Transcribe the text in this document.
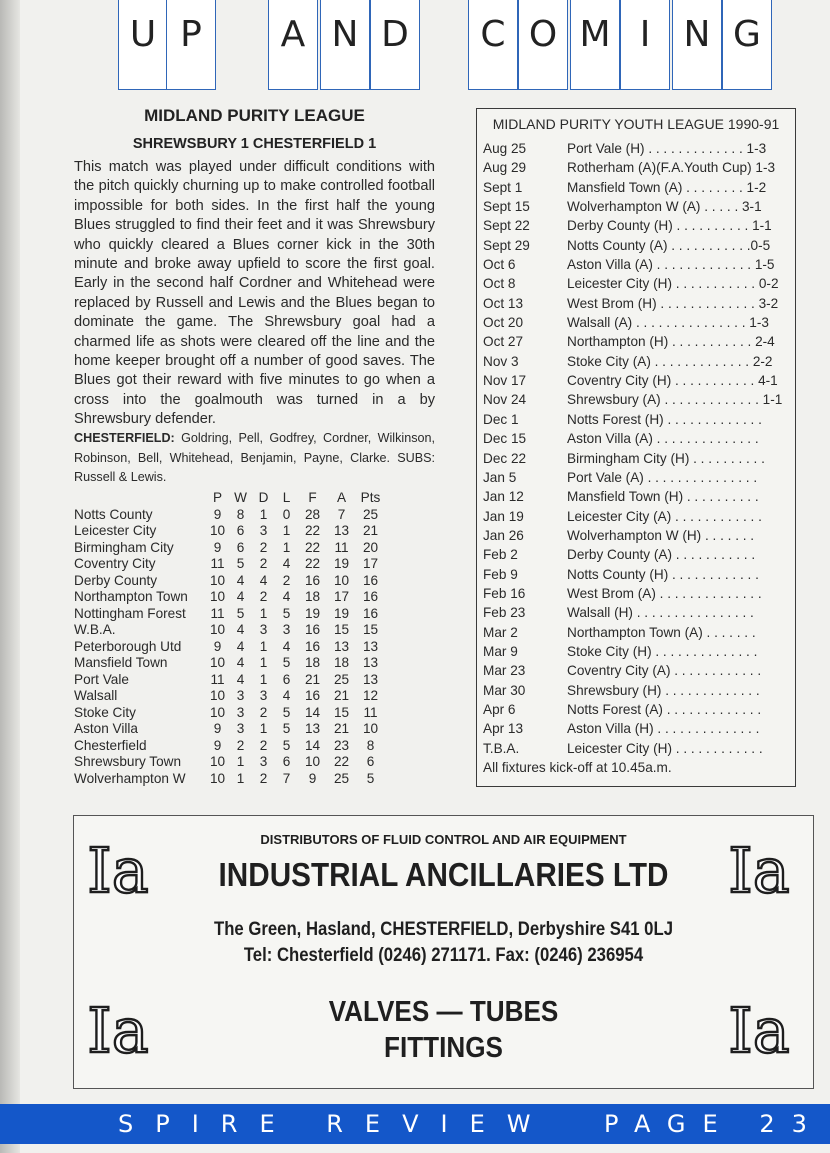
U P	A N D	C O M I N G
MIDLAND PURITY LEAGUE
SHREWSBURY 1 CHESTERFIELD 1

This match was played under difficult conditions with the pitch quickly churning up to make controlled football impossible for both sides. In the first half the young Blues struggled to find their feet and it was Shrewsbury who quickly cleared a Blues corner kick in the 30th minute and broke away upfield to score the first goal. Early in the second half Cordner and Whitehead were replaced by Russell and Lewis and the Blues began to dominate the game. The Shrewsbury goal had a charmed life as shots were cleared off the line and the home keeper brought off a number of good saves. The Blues got their reward with five minutes to go when a cross into the goalmouth was turned in a by Shrewsbury defender.

CHESTERFIELD: Goldring, Pell, Godfrey, Cordner, Wilkinson, Robinson, Bell, Whitehead, Benjamin, Payne, Clarke. SUBS: Russell & Lewis.

	P	W	D	L	F	A	Pts
Notts County	9	8	1	0	28	7	25
Leicester City	10	6	3	1	22	13	21
Birmingham City	9	6	2	1	22	11	20
Coventry City	11	5	2	4	22	19	17
Derby County	10	4	4	2	16	10	16
Northampton Town	10	4	2	4	18	17	16
Nottingham Forest	11	5	1	5	19	19	16
W.B.A.	10	4	3	3	16	15	15
Peterborough Utd	9	4	1	4	16	13	13
Mansfield Town	10	4	1	5	18	18	13
Port Vale	11	4	1	6	21	25	13
Walsall	10	3	3	4	16	21	12
Stoke City	10	3	2	5	14	15	11
Aston Villa	9	3	1	5	13	21	10
Chesterfield	9	2	2	5	14	23	8
Shrewsbury Town	10	1	3	6	10	22	6
Wolverhampton W	10	1	2	7	9	25	5
MIDLAND PURITY YOUTH LEAGUE 1990-91
Aug 25	Port Vale (H) . . . . . . . . . . . . . 1-3
Aug 29	Rotherham (A)(F.A.Youth Cup) 1-3
Sept 1	Mansfield Town (A) . . . . . . . . 1-2
Sept 15	Wolverhampton W (A) . . . . . 3-1
Sept 22	Derby County (H) . . . . . . . . . . 1-1
Sept 29	Notts County (A) . . . . . . . . . . .0-5
Oct 6	Aston Villa (A) . . . . . . . . . . . . . 1-5
Oct 8	Leicester City (H) . . . . . . . . . . . 0-2
Oct 13	West Brom (H) . . . . . . . . . . . . . 3-2
Oct 20	Walsall (A) . . . . . . . . . . . . . . . 1-3
Oct 27	Northampton (H) . . . . . . . . . . . 2-4
Nov 3	Stoke City (A) . . . . . . . . . . . . . 2-2
Nov 17	Coventry City (H) . . . . . . . . . . . 4-1
Nov 24	Shrewsbury (A) . . . . . . . . . . . . . 1-1
Dec 1	Notts Forest (H) . . . . . . . . . . . . .
Dec 15	Aston Villa (A) . . . . . . . . . . . . . .
Dec 22	Birmingham City (H) . . . . . . . . . .
Jan 5	Port Vale (A) . . . . . . . . . . . . . . .
Jan 12	Mansfield Town (H) . . . . . . . . . .
Jan 19	Leicester City (A) . . . . . . . . . . . .
Jan 26	Wolverhampton W (H) . . . . . . .
Feb 2	Derby County (A) . . . . . . . . . . .
Feb 9	Notts County (H) . . . . . . . . . . . .
Feb 16	West Brom (A) . . . . . . . . . . . . . .
Feb 23	Walsall (H) . . . . . . . . . . . . . . . .
Mar 2	Northampton Town (A) . . . . . . .
Mar 9	Stoke City (H) . . . . . . . . . . . . . .
Mar 23	Coventry City (A) . . . . . . . . . . . .
Mar 30	Shrewsbury (H) . . . . . . . . . . . . .
Apr 6	Notts Forest (A) . . . . . . . . . . . . .
Apr 13	Aston Villa (H) . . . . . . . . . . . . . .
T.B.A.	Leicester City (H) . . . . . . . . . . . .
All fixtures kick-off at 10.45a.m.
DISTRIBUTORS OF FLUID CONTROL AND AIR EQUIPMENT
INDUSTRIAL ANCILLARIES LTD
The Green, Hasland, CHESTERFIELD, Derbyshire S41 0LJ
Tel: Chesterfield (0246) 271171. Fax: (0246) 236954
VALVES — TUBES
FITTINGS
Ia	Ia
Ia	Ia
SPIRE REVIEW PAGE 23
